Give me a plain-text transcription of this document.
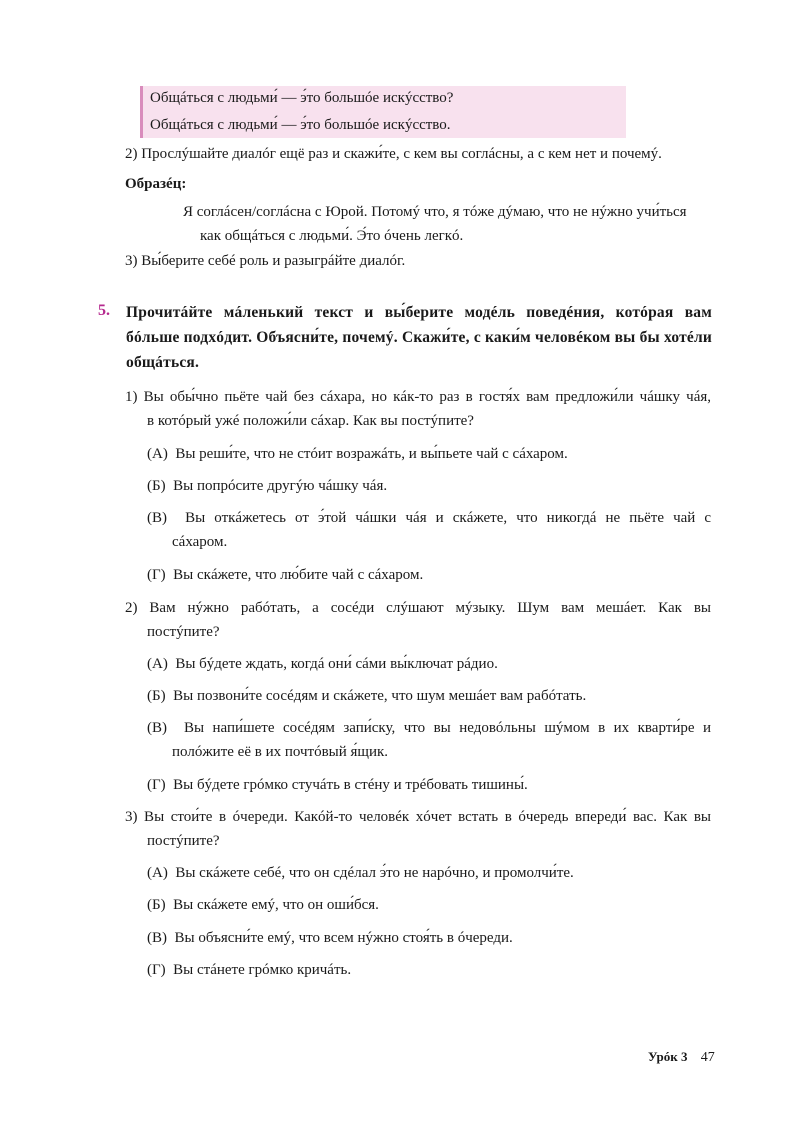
Общáться с людьми́ — э́то большóе искýсство?
Общáться с людьми́ — э́то большóе искýсство.
2) Прослýшайте диалóг ещё раз и скажи́те, с кем вы соглáсны, а с кем нет и почемý.
Образéц:
Я соглáсен/соглáсна с Юрой. Потомý что, я тóже дýмаю, что не нýжно учи́ться
как общáться с людьми́. Э́то óчень легкó.
3) Вы́берите себé роль и разыгрáйте диалóг.
5. Прочитáйте мáленький текст и вы́берите модéль поведéния, котóрая вам
бóльше подхóдит. Объясни́те, почемý. Скажи́те, с каки́м человéком вы бы хотéли
общáться.
1) Вы обы́чно пьёте чай без сáхара, но кáк-то раз в гостя́х вам предложи́ли чáшку чáя,
в котóрый ужé положи́ли сáхар. Как вы постýпите?
(А) Вы реши́те, что не стóит возражáть, и вы́пьете чай с сáхаром.
(Б) Вы попрóсите другýю чáшку чáя.
(В) Вы откáжетесь от э́той чáшки чáя и скáжете, что никогдá не пьёте чай с
сáхаром.
(Г) Вы скáжете, что лю́бите чай с сáхаром.
2) Вам нýжно рабóтать, а сосéди слýшают мýзыку. Шум вам мешáет. Как вы
постýпите?
(А) Вы бýдете ждать, когдá они́ сáми вы́ключат рáдио.
(Б) Вы позвони́те сосéдям и скáжете, что шум мешáет вам рабóтать.
(В) Вы напи́шете сосéдям запи́ску, что вы недовóльны шýмом в их кварти́ре и
полóжите её в их почтóвый я́щик.
(Г) Вы бýдете грóмко стучáть в стéну и трéбовать тишины́.
3) Вы стои́те в óчереди. Какóй-то человéк хóчет встать в óчередь впереди́ вас. Как вы
постýпите?
(А) Вы скáжете себé, что он сдéлал э́то не нарóчно, и промолчи́те.
(Б) Вы скáжете емý, что он оши́бся.
(В) Вы объясни́те емý, что всем нýжно стоя́ть в óчереди.
(Г) Вы стáнете грóмко кричáть.
Урóк 3 47
